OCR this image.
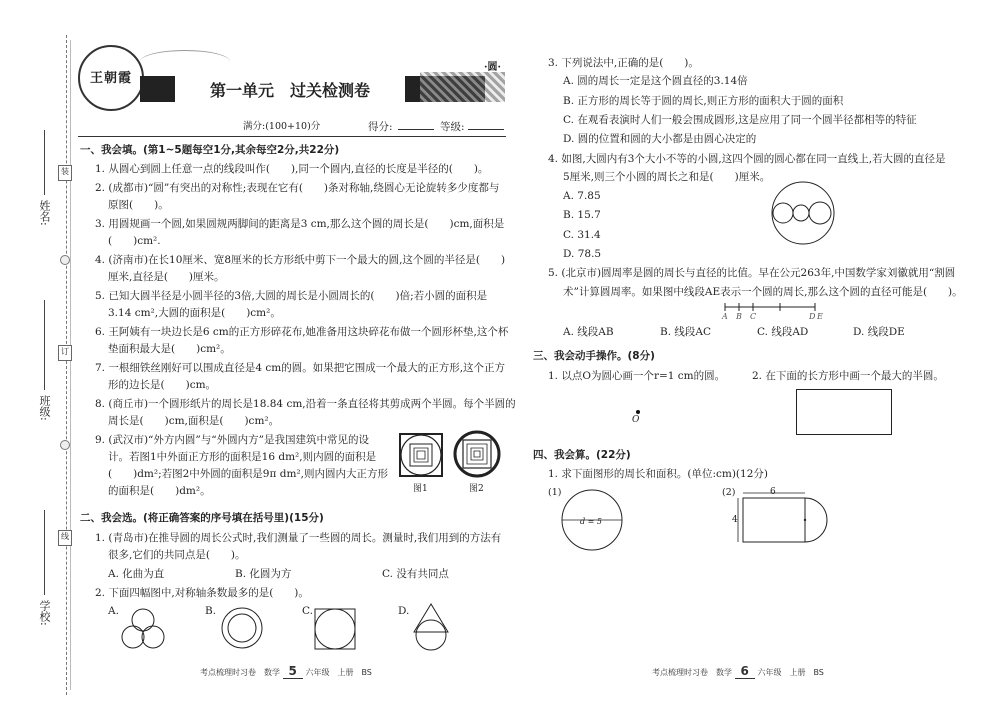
姓名:
班级:
学校:
装
订
线
王朝霞
第一单元　过关检测卷
·圆·
满分:(100+10)分	得分:	等级:
一、我会填。(第1~5题每空1分,其余每空2分,共22分)
1. 从圆心到圆上任意一点的线段叫作(　　),同一个圆内,直径的长度是半径的(　　)。
2. (成都市)“圆”有突出的对称性;表现在它有(　　)条对称轴,绕圆心无论旋转多少度都与
原图(　　)。
3. 用圆规画一个圆,如果圆规两脚间的距离是3 cm,那么这个圆的周长是(　　)cm,面积是
(　　)cm².
4. (济南市)在长10厘米、宽8厘米的长方形纸中剪下一个最大的圆,这个圆的半径是(　　)
厘米,直径是(　　)厘米。
5. 已知大圆半径是小圆半径的3倍,大圆的周长是小圆周长的(　　)倍;若小圆的面积是
3.14 cm²,大圆的面积是(　　)cm²。
6. 王阿姨有一块边长是6 cm的正方形碎花布,她准备用这块碎花布做一个圆形杯垫,这个杯
垫面积最大是(　　)cm²。
7. 一根细铁丝刚好可以围成直径是4 cm的圆。如果把它围成一个最大的正方形,这个正方
形的边长是(　　)cm。
8. (商丘市)一个圆形纸片的周长是18.84 cm,沿着一条直径将其剪成两个半圆。每个半圆的
周长是(　　)cm,面积是(　　)cm²。
9. (武汉市)“外方内圆”与“外圆内方”是我国建筑中常见的设
计。若图1中外面正方形的面积是16 dm²,则内圆的面积是
(　　)dm²;若图2中外圆的面积是9π dm²,则内圆内大正方形
的面积是(　　)dm²。	图1	图2
二、我会选。(将正确答案的序号填在括号里)(15分)
1. (青岛市)在推导圆的周长公式时,我们测量了一些圆的周长。测量时,我们用到的方法有
很多,它们的共同点是(　　)。
A. 化曲为直	B. 化圆为方	C. 没有共同点
2. 下面四幅图中,对称轴条数最多的是(　　)。
A.	B.	C.	D.
考点梳理时习卷　数学 5 六年级　上册　BS
3. 下列说法中,正确的是(　　)。
A. 圆的周长一定是这个圆直径的3.14倍
B. 正方形的周长等于圆的周长,则正方形的面积大于圆的面积
C. 在观看表演时人们一般会围成圆形,这是应用了同一个圆半径都相等的特征
D. 圆的位置和圆的大小都是由圆心决定的
4. 如图,大圆内有3个大小不等的小圆,这四个圆的圆心都在同一直线上,若大圆的直径是
5厘米,则三个小圆的周长之和是(　　)厘米。
A. 7.85
B. 15.7
C. 31.4
D. 78.5
5. (北京市)圆周率是圆的周长与直径的比值。早在公元263年,中国数学家刘徽就用“割圆
术”计算圆周率。如果图中线段AE表示一个圆的周长,那么这个圆的直径可能是(　　)。
A B C	D E
A. 线段AB	B. 线段AC	C. 线段AD	D. 线段DE
三、我会动手操作。(8分)
1. 以点O为圆心画一个r=1 cm的圆。	2. 在下面的长方形中画一个最大的半圆。
O
四、我会算。(22分)
1. 求下面图形的周长和面积。(单位:cm)(12分)
(1)
d = 5
(2)	6
4
考点梳理时习卷　数学 6 六年级　上册　BS
